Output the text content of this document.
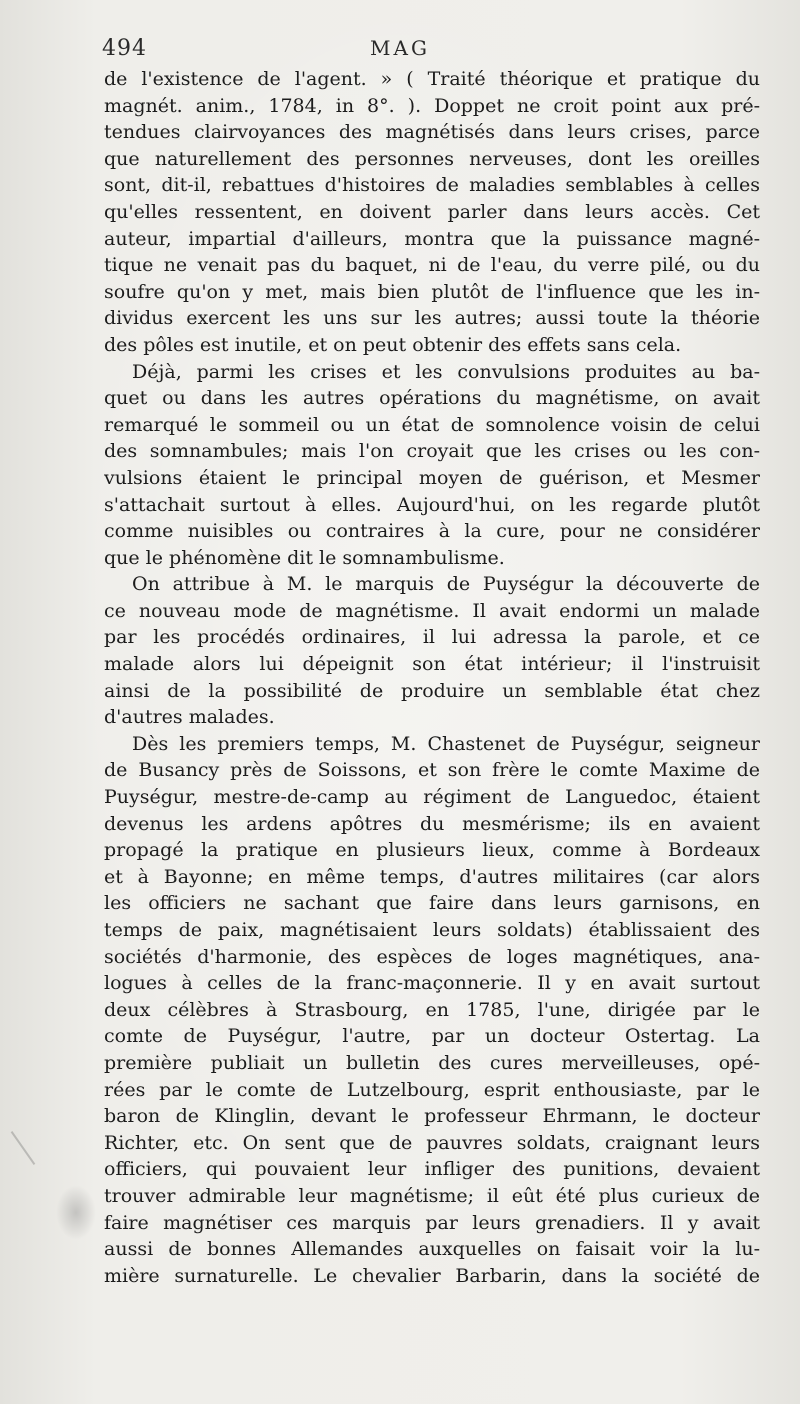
494	MAG
de l'existence de l'agent. » ( Traité théorique et pratique du
magnét. anim., 1784, in 8°. ). Doppet ne croit point aux pré-
tendues clairvoyances des magnétisés dans leurs crises, parce
que naturellement des personnes nerveuses, dont les oreilles
sont, dit-il, rebattues d'histoires de maladies semblables à celles
qu'elles ressentent, en doivent parler dans leurs accès. Cet
auteur, impartial d'ailleurs, montra que la puissance magné-
tique ne venait pas du baquet, ni de l'eau, du verre pilé, ou du
soufre qu'on y met, mais bien plutôt de l'influence que les in-
dividus exercent les uns sur les autres; aussi toute la théorie
des pôles est inutile, et on peut obtenir des effets sans cela.
Déjà, parmi les crises et les convulsions produites au ba-
quet ou dans les autres opérations du magnétisme, on avait
remarqué le sommeil ou un état de somnolence voisin de celui
des somnambules; mais l'on croyait que les crises ou les con-
vulsions étaient le principal moyen de guérison, et Mesmer
s'attachait surtout à elles. Aujourd'hui, on les regarde plutôt
comme nuisibles ou contraires à la cure, pour ne considérer
que le phénomène dit le somnambulisme.
On attribue à M. le marquis de Puységur la découverte de
ce nouveau mode de magnétisme. Il avait endormi un malade
par les procédés ordinaires, il lui adressa la parole, et ce
malade alors lui dépeignit son état intérieur; il l'instruisit
ainsi de la possibilité de produire un semblable état chez
d'autres malades.
Dès les premiers temps, M. Chastenet de Puységur, seigneur
de Busancy près de Soissons, et son frère le comte Maxime de
Puységur, mestre-de-camp au régiment de Languedoc, étaient
devenus les ardens apôtres du mesmérisme; ils en avaient
propagé la pratique en plusieurs lieux, comme à Bordeaux
et à Bayonne; en même temps, d'autres militaires (car alors
les officiers ne sachant que faire dans leurs garnisons, en
temps de paix, magnétisaient leurs soldats) établissaient des
sociétés d'harmonie, des espèces de loges magnétiques, ana-
logues à celles de la franc-maçonnerie. Il y en avait surtout
deux célèbres à Strasbourg, en 1785, l'une, dirigée par le
comte de Puységur, l'autre, par un docteur Ostertag. La
première publiait un bulletin des cures merveilleuses, opé-
rées par le comte de Lutzelbourg, esprit enthousiaste, par le
baron de Klinglin, devant le professeur Ehrmann, le docteur
Richter, etc. On sent que de pauvres soldats, craignant leurs
officiers, qui pouvaient leur infliger des punitions, devaient
trouver admirable leur magnétisme; il eût été plus curieux de
faire magnétiser ces marquis par leurs grenadiers. Il y avait
aussi de bonnes Allemandes auxquelles on faisait voir la lu-
mière surnaturelle. Le chevalier Barbarin, dans la société de
